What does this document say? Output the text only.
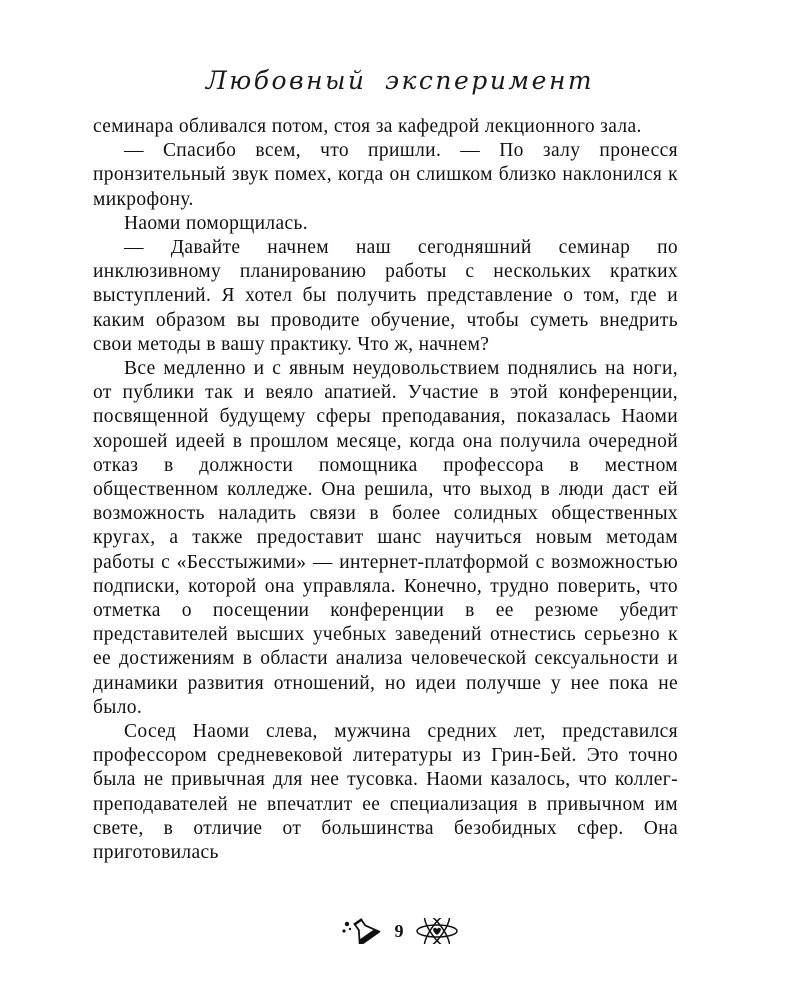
Любовный эксперимент

семинара обливался потом, стоя за кафедрой лекционного зала.

— Спасибо всем, что пришли. — По залу пронесся пронзительный звук помех, когда он слишком близко наклонился к микрофону.

Наоми поморщилась.

— Давайте начнем наш сегодняшний семинар по инклюзивному планированию работы с нескольких кратких выступлений. Я хотел бы получить представление о том, где и каким образом вы проводите обучение, чтобы суметь внедрить свои методы в вашу практику. Что ж, начнем?

Все медленно и с явным неудовольствием поднялись на ноги, от публики так и веяло апатией. Участие в этой конференции, посвященной будущему сферы преподавания, показалась Наоми хорошей идеей в прошлом месяце, когда она получила очередной отказ в должности помощника профессора в местном общественном колледже. Она решила, что выход в люди даст ей возможность наладить связи в более солидных общественных кругах, а также предоставит шанс научиться новым методам работы с «Бесстыжими» — интернет-платформой с возможностью подписки, которой она управляла. Конечно, трудно поверить, что отметка о посещении конференции в ее резюме убедит представителей высших учебных заведений отнестись серьезно к ее достижениям в области анализа человеческой сексуальности и динамики развития отношений, но идеи получше у нее пока не было.

Сосед Наоми слева, мужчина средних лет, представился профессором средневековой литературы из Грин-Бей. Это точно была не привычная для нее тусовка. Наоми казалось, что коллег-преподавателей не впечатлит ее специализация в привычном им свете, в отличие от большинства безобидных сфер. Она приготовилась

9
